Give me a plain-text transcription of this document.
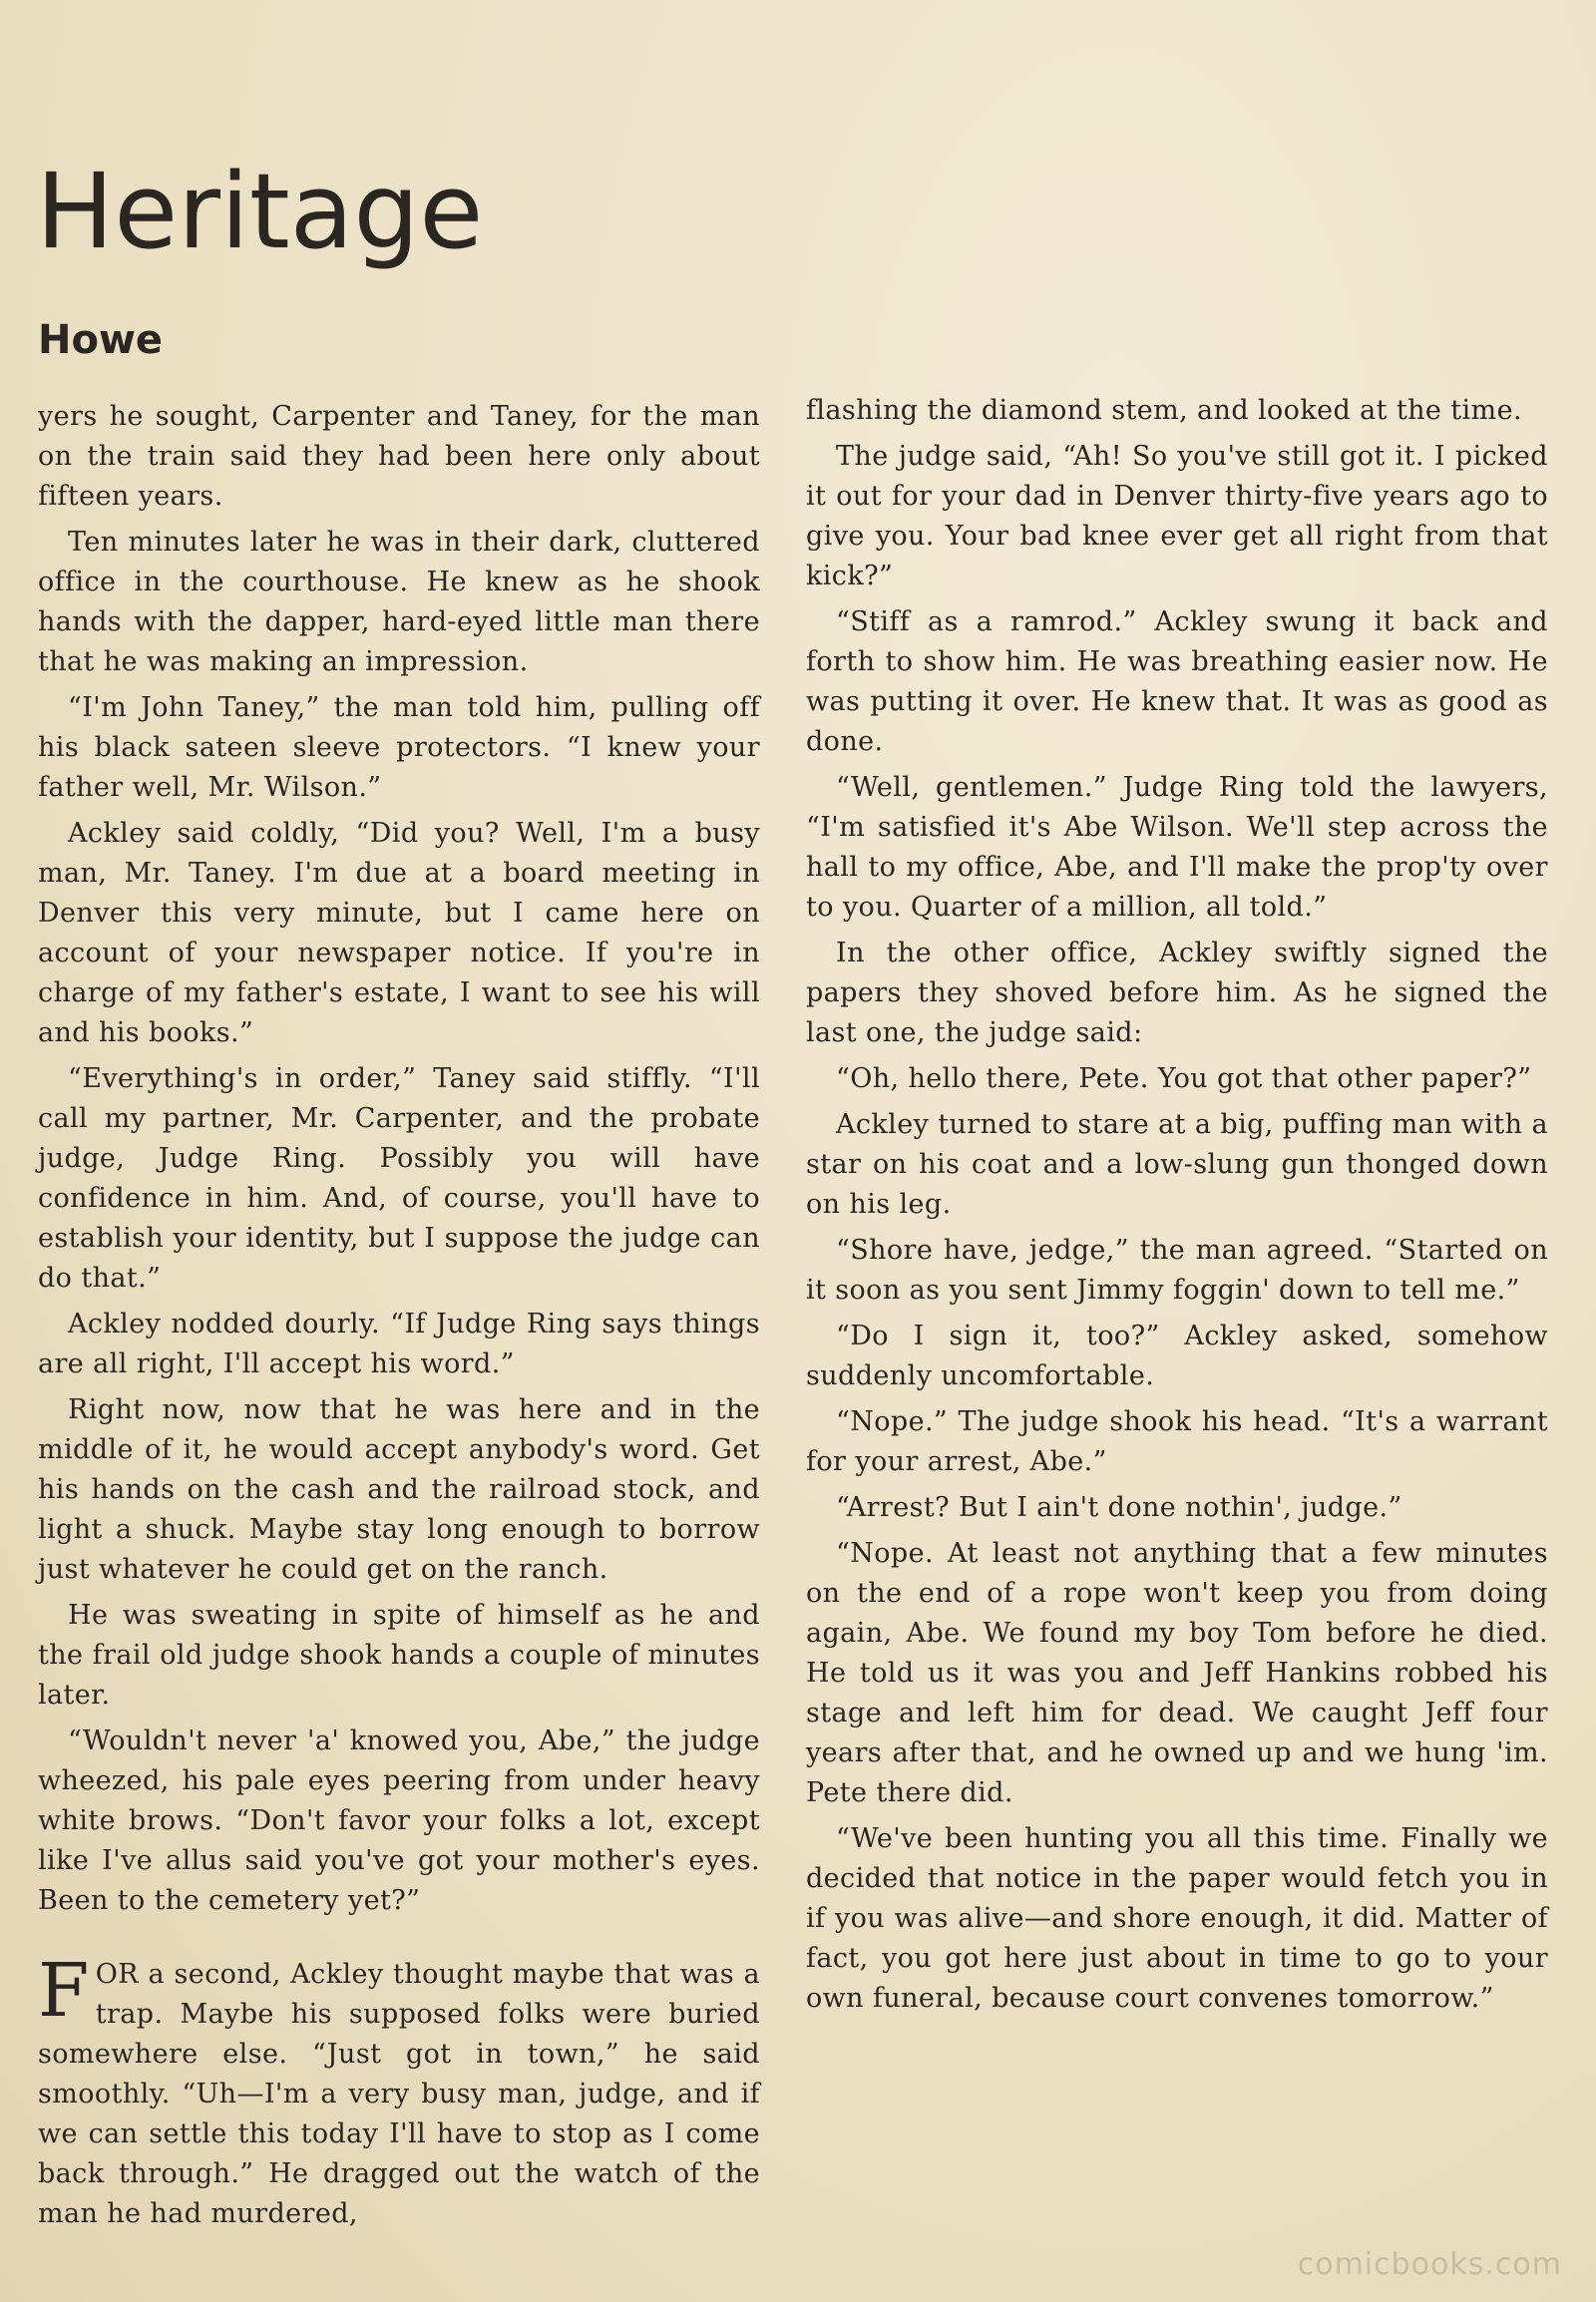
Heritage
Howe

yers he sought, Carpenter and Taney, for the man on the train said they had been here only about fifteen years.

Ten minutes later he was in their dark, cluttered office in the courthouse. He knew as he shook hands with the dapper, hard-eyed little man there that he was making an impression.

“I'm John Taney,” the man told him, pulling off his black sateen sleeve protectors. “I knew your father well, Mr. Wilson.”

Ackley said coldly, “Did you? Well, I'm a busy man, Mr. Taney. I'm due at a board meeting in Denver this very minute, but I came here on account of your newspaper notice. If you're in charge of my father's estate, I want to see his will and his books.”

“Everything's in order,” Taney said stiffly. “I'll call my partner, Mr. Carpenter, and the probate judge, Judge Ring. Possibly you will have confidence in him. And, of course, you'll have to establish your identity, but I suppose the judge can do that.”

Ackley nodded dourly. “If Judge Ring says things are all right, I'll accept his word.”

Right now, now that he was here and in the middle of it, he would accept anybody's word. Get his hands on the cash and the railroad stock, and light a shuck. Maybe stay long enough to borrow just whatever he could get on the ranch.

He was sweating in spite of himself as he and the frail old judge shook hands a couple of minutes later.

“Wouldn't never 'a' knowed you, Abe,” the judge wheezed, his pale eyes peering from under heavy white brows. “Don't favor your folks a lot, except like I've allus said you've got your mother's eyes. Been to the cemetery yet?”

FOR a second, Ackley thought maybe that was a trap. Maybe his supposed folks were buried somewhere else. “Just got in town,” he said smoothly. “Uh—I'm a very busy man, judge, and if we can settle this today I'll have to stop as I come back through.” He dragged out the watch of the man he had murdered,

flashing the diamond stem, and looked at the time.

The judge said, “Ah! So you've still got it. I picked it out for your dad in Denver thirty-five years ago to give you. Your bad knee ever get all right from that kick?”

“Stiff as a ramrod.” Ackley swung it back and forth to show him. He was breathing easier now. He was putting it over. He knew that. It was as good as done.

“Well, gentlemen.” Judge Ring told the lawyers, “I'm satisfied it's Abe Wilson. We'll step across the hall to my office, Abe, and I'll make the prop'ty over to you. Quarter of a million, all told.”

In the other office, Ackley swiftly signed the papers they shoved before him. As he signed the last one, the judge said:

“Oh, hello there, Pete. You got that other paper?”

Ackley turned to stare at a big, puffing man with a star on his coat and a low-slung gun thonged down on his leg.

“Shore have, jedge,” the man agreed. “Started on it soon as you sent Jimmy foggin' down to tell me.”

“Do I sign it, too?” Ackley asked, somehow suddenly uncomfortable.

“Nope.” The judge shook his head. “It's a warrant for your arrest, Abe.”

“Arrest? But I ain't done nothin', judge.”

“Nope. At least not anything that a few minutes on the end of a rope won't keep you from doing again, Abe. We found my boy Tom before he died. He told us it was you and Jeff Hankins robbed his stage and left him for dead. We caught Jeff four years after that, and he owned up and we hung 'im. Pete there did.

“We've been hunting you all this time. Finally we decided that notice in the paper would fetch you in if you was alive—and shore enough, it did. Matter of fact, you got here just about in time to go to your own funeral, because court convenes tomorrow.”

comicbooks.com
